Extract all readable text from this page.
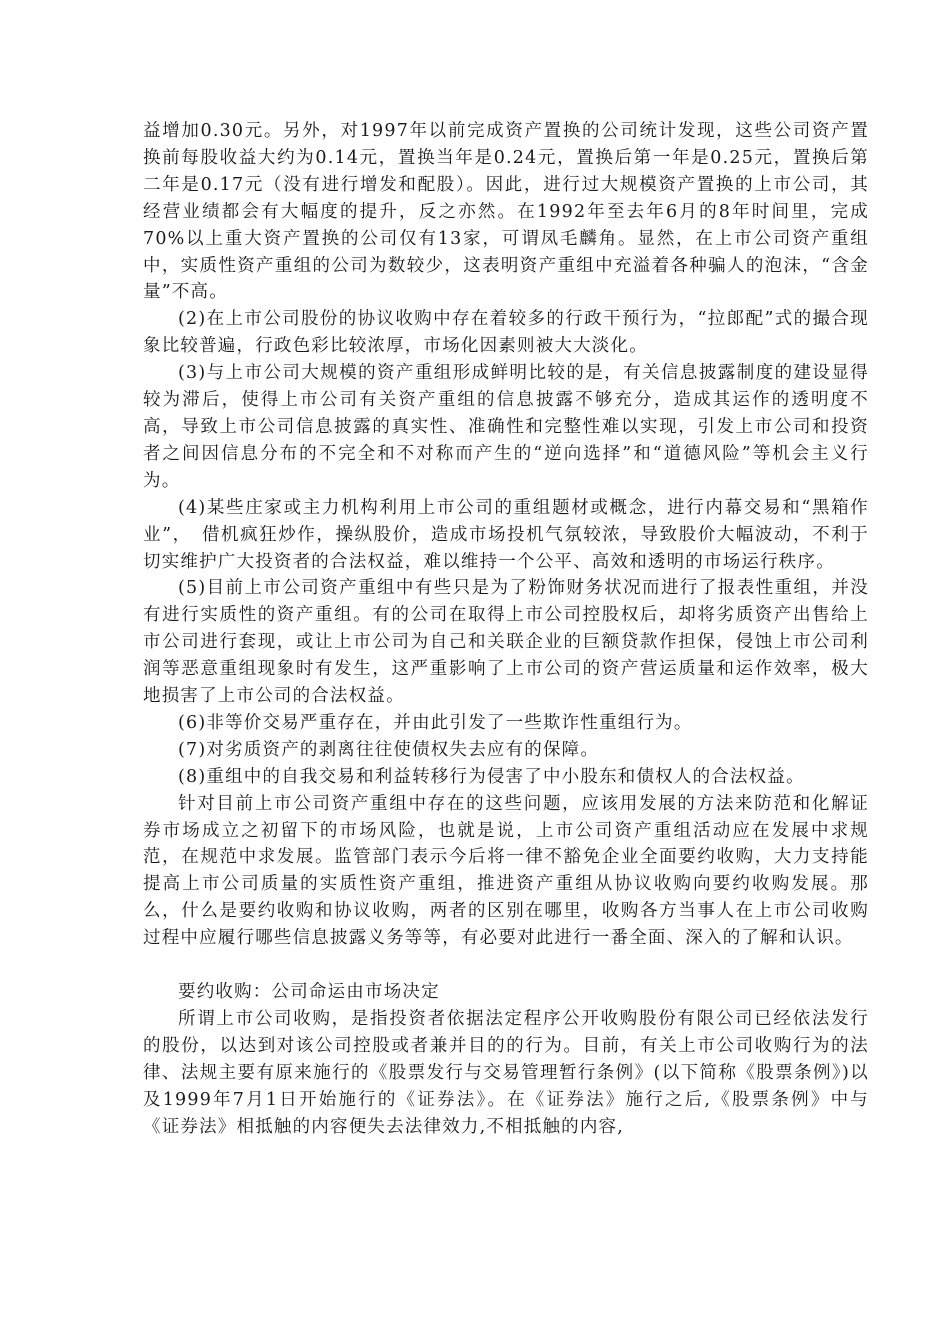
益增加0.30元。另外，对1997年以前完成资产置换的公司统计发现，这些公司资产置换前每股收益大约为0.14元，置换当年是0.24元，置换后第一年是0.25元，置换后第二年是0.17元（没有进行增发和配股）。因此，进行过大规模资产置换的上市公司，其经营业绩都会有大幅度的提升，反之亦然。在1992年至去年6月的8年时间里，完成70%以上重大资产置换的公司仅有13家，可谓凤毛麟角。显然，在上市公司资产重组中，实质性资产重组的公司为数较少，这表明资产重组中充溢着各种骗人的泡沫，“含金量”不高。

(2)在上市公司股份的协议收购中存在着较多的行政干预行为，“拉郎配”式的撮合现象比较普遍，行政色彩比较浓厚，市场化因素则被大大淡化。

(3)与上市公司大规模的资产重组形成鲜明比较的是，有关信息披露制度的建设显得较为滞后，使得上市公司有关资产重组的信息披露不够充分，造成其运作的透明度不高，导致上市公司信息披露的真实性、准确性和完整性难以实现，引发上市公司和投资者之间因信息分布的不完全和不对称而产生的“逆向选择”和“道德风险”等机会主义行为。

(4)某些庄家或主力机构利用上市公司的重组题材或概念，进行内幕交易和“黑箱作业”，　借机疯狂炒作，操纵股价，造成市场投机气氛较浓，导致股价大幅波动，不利于切实维护广大投资者的合法权益，难以维持一个公平、高效和透明的市场运行秩序。

(5)目前上市公司资产重组中有些只是为了粉饰财务状况而进行了报表性重组，并没有进行实质性的资产重组。有的公司在取得上市公司控股权后，却将劣质资产出售给上市公司进行套现，或让上市公司为自己和关联企业的巨额贷款作担保，侵蚀上市公司利润等恶意重组现象时有发生，这严重影响了上市公司的资产营运质量和运作效率，极大地损害了上市公司的合法权益。

(6)非等价交易严重存在，并由此引发了一些欺诈性重组行为。

(7)对劣质资产的剥离往往使债权失去应有的保障。

(8)重组中的自我交易和利益转移行为侵害了中小股东和债权人的合法权益。

针对目前上市公司资产重组中存在的这些问题，应该用发展的方法来防范和化解证券市场成立之初留下的市场风险，也就是说，上市公司资产重组活动应在发展中求规范，在规范中求发展。监管部门表示今后将一律不豁免企业全面要约收购，大力支持能提高上市公司质量的实质性资产重组，推进资产重组从协议收购向要约收购发展。那么，什么是要约收购和协议收购，两者的区别在哪里，收购各方当事人在上市公司收购过程中应履行哪些信息披露义务等等，有必要对此进行一番全面、深入的了解和认识。

要约收购：公司命运由市场决定

所谓上市公司收购，是指投资者依据法定程序公开收购股份有限公司已经依法发行的股份，以达到对该公司控股或者兼并目的的行为。目前，有关上市公司收购行为的法律、法规主要有原来施行的《股票发行与交易管理暂行条例》(以下简称《股票条例》)以及1999年7月1日开始施行的《证券法》。在《证券法》施行之后,《股票条例》中与《证券法》相抵触的内容便失去法律效力,不相抵触的内容,
